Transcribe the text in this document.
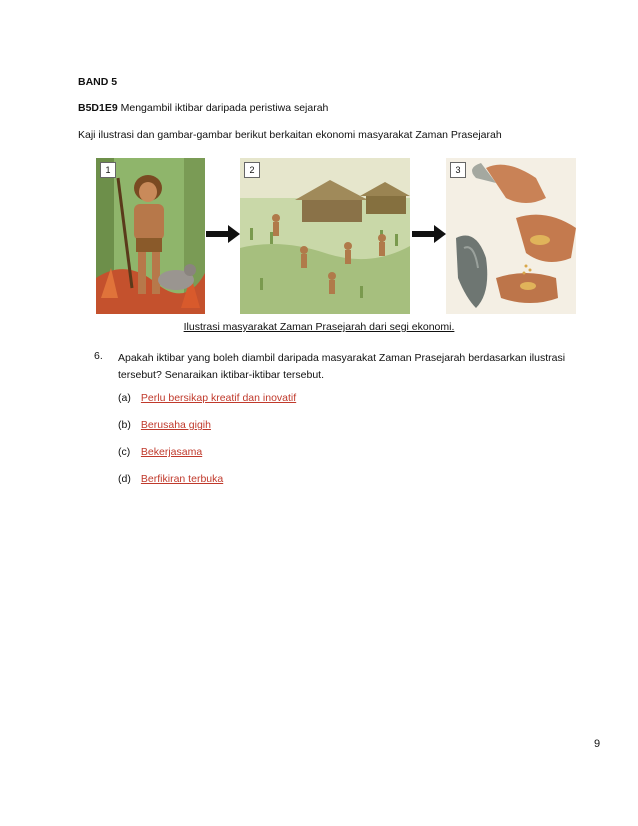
BAND 5
B5D1E9 Mengambil iktibar daripada peristiwa sejarah
Kaji ilustrasi dan gambar-gambar berikut berkaitan ekonomi masyarakat Zaman Prasejarah
1	2	3
Ilustrasi masyarakat Zaman Prasejarah dari segi ekonomi.
6. Apakah iktibar yang boleh diambil daripada masyarakat Zaman Prasejarah berdasarkan ilustrasi
tersebut? Senaraikan iktibar-iktibar tersebut.
(a) Perlu bersikap kreatif dan inovatif
(b) Berusaha gigih
(c) Bekerjasama
(d) Berfikiran terbuka
9
